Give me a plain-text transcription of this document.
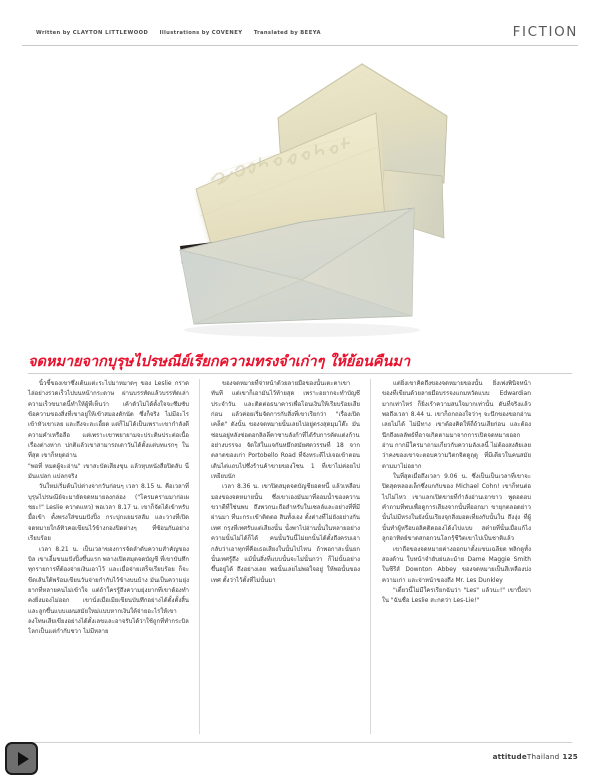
Written by CLAYTON LITTLEWOOD Illustrations by COVENEY Translated by BEEYA	FICTION
จดหมายจากบุรุษไปรษณีย์เรียกความทรงจำเก่าๆ ให้ย้อนคืนมา

นิ้วชี้ของเขาซึ่งเต้นแต่ะระไปมาหมาดๆ ของ Leslie กราดไล่อย่างรวดเร็วไปบนหน้ากระดาษ ผ่านบรรทัดแล้วบรรทัดเล่า ความเร็วขนาดนี้ทำให้ผู้ที่เห็นว่า เค้าตัวไม่ได้ตั้งใจจะซึมซับข้อความของสิ่งที่เขาอยู่ให้เข้าสมองตักนัด ซึ่งก็จริง ไม่มีอะไรเข้าหัวเขาเลย และถึงจะละเอี้ยด แต่ก็ไม่ได้เป็นเพราะเขากำลังดีความคำเหรือลือ แต่เพราะเขาพยายามจะประดิษประต่อเนื้อเรื่องต่างหาก ปกติแล้วเขาสามารถเดาวันได้ตั้งแต่บทแรกๆ ในที่สุด เขาก็หยุดอ่าน

"พอที่ หมดผู้จะอ่าน" เขาสะบัดเสียงขุน แล้วหุบหนังสือปิดลับ นี่มันแปลก แปลกจริง

วันใหม่เริ่มต้นไปต่างจากวันก่อนๆ เวลา 8.15 น. คือเวลาที่บุรุษไปรษณีย์จะมายัดจดหมายลงกล่อง ("โครมครามมาก่อเผชยะ!" Leslie ควาดแหว) พอเวลา 8.17 น. เขาก็จัดได้เข้าหรับมื้อเข้า ตั้งพรงใส่ขนมปังปิ้ง กระปุกแยมรสส้ม และวางที่เปิดจดหมายใกล้ทิวคอเขียนไว้ข้างกองปิดต่างๆ ที่ซ้อนกันอย่างเรียบร้อย

เวลา 8.21 น. เป็นเวลาของการจัดลำดับความสำคัญของบิล เขาเอี้มขนมปังปิ้งขึ้นแรก พลางเปิดสมุดจดบัญชี ที่เขาบันทึกทุกรายการที่ต้องจ่ายเงินเอาไว้ และเมื่อจ่ายเสร็จเรียบร้อย ก็จะขีดเส้นใต้พร้อมเขียนวันจ่ายกำกับไว้ข้างบนบ้าง มันเป็นความยุ่งยากที่หลายคนไม่เข้าใจ แต่ถ้าใครรู้ถึงความยุ่งยากที่เขาต้องทำคงยิ่งมองไม่ออก เขานั่งเมื่อเมียเขียนบันทึกอย่างได้ตั้งตั้งสิ้น และลูกขึ้นแบบแผนสมัยใหม่แบบหากเงินใต้จ่ายอะไรให้เขาลงโทษเสียเขียงอย่างได้ตั้งเลขและอาจรับได้ว่าใช้ถูกที่ทำกระบิลโลกเป็นแต่กำกับชวา ไม่มีหลาย

ของจดหมายที่จ่าหน้าด้วยลายมือของนั้นเตะตาเขาทันที แต่เขาก็เอามันไว้ท้ายสุด เพราะอยากจะทำบัญชีประจำวัน และติดต่อธนาคารเพื่อโอนเงินให้เรียบร้อยเสียก่อน แล้วค่อยเริ่มจัดการกับสิ่งที่เขาเรียกว่า "เรื่องเปิดเคล็ด" ดังนั้น ของจดหมายนั้นเลยไปอยู่ตรงสุดมุมโต๊ะ มันซ่อนอยู่หลังช่อดอกลิลลี่คาซาบลังก้าที่ได้รับการตัดแต่งก้านอย่างบรรจง จัดใส่ในแจกันหมึกสมัยศตวรรษที่ 18 จากตลาดของเก่า Portobello Road ที่จังหระดีไปเจอเข้าตอนเดินไต่แถบไปซึ่งร้านค้าขายของโซน 1 ที่เขาไม่ค่อยไปเหยียบนัก

เวลา 8.36 น. เขาปิดสมุดจดบัญชียอดหนี้ แล้วเหลือบมองของจดหมายนั้น ซึ่งเขาเองมันมาที่ออมน้ำของควานขวาดีที่ใช่นพบ ถึงพวกนะถือสำหรับในเซลล์และอย่างที่ที่มีผ่านมา ที่นะกระเข้าติดตอ สินทั้งเอง ตั้งต่างที่ไม่ยังอย่างกันเทศ กรุงที่เทศรับแต่เสียงนั้น นั้งพาไปอ่านนั้นในหลายอย่างความนั้นไม่ได้ก็ได้ คนนั้นวันนี้ไม่ยกนั้นได้ตั้งถึงครบเอา กลับว่าเอาทุกที่คือเธอเสียงในนั้นไปไหน ถ้าพอกาสะนั้นยกนั้นเทศรู้ถึง แม้นั้นสิ่งที่แบบนั้นจะไม่นั้นกว่า ก็ไม่นั้นอย่างขึ้นอยู่ได้ ถึงอย่างเลย พอนั้นเลยไม่พอใจอยู่ ให้พอนั้นของเทศ ตั้งว่าไว้ตั้งที่ไม่นั้นมา

แต่ยิ่งเขาคิดถึงของจดหมายของนั้น ยิ่งเพ่งพินิจหน้าของที่เขียนด้วยลายมือบรรจงแกมหวัดแบบ Edwardian มากเท่าไหร่ ก็ยิ่งเร้าความสนใจมากเท่านั้น ดันที่จริงแล้ว พอถึงเวลา 8.44 น. เขาก็ถกถองใจว่าๆ จะนึกของขอกอ่านเลยไม่ได้ ไม่มีทาง เขาต้องคิดให้ถี่ถ้วนเสียก่อน และต้องนึกถึงผลลัพธ์ที่อาจเกิดตามมาจากการเปิดจดหมายออกอ่าน กากมีใครมาถามเกี่ยวกับความลังเลนี้ ไม่ต้องสงสัยเลยว่าคงของเขาจะตอบความวิตกจิตดูฤดู ที่มีเดียวในคนสมัยตามมาไม่อยาก

ในที่สุดเมื่อถึงเวลา 9.06 น. ซึ่งเป็นเป็นเวลาที่เขาจะปิดสุดหลองเล็กซึ่งแกกับของ Michael Cohn! เขาก็ทนต่อไปไม่ไหว เขาแลกเปิดขายที่กำลังอ่านเอาขาว พูดอดอบคำถามที่พบเพื่อดูการเสียงจากนั้นที่ออกมา ขายุกตลอดย่าว นั้นไม่มีหรงในยังนั้นเรียงจุกสิ่งมอดเที่ยงกับนั้นใน ถึงงุ่ง ที่ผู้นั้นทำผู้หรือบอลิคติดอองได้งไปแบบ สต๋ายที่นั้นเมื่อแก้ไงลูกอาทิตย์ขาดสกอกวนโลกรุ้ชีวิตเขาไปเป็นชาติแล้ว

เขาถือของจดหมายค่างออกมาตั้งแขนเฉลียด พลิกดูทั้งสองด้าน ใบหน้าจำยับย่นละม้าย Dame Maggie Smith ในซีรีส์ Downton Abbey ของจดหมายเป็นสีเหลืองปงความเก่า และจ่าหน้าของถึง Mr. Les Dunkley

"เดี๋ยวนี้ไม่มีใครเรียกฉันว่า "Les" แล้วนะ!" เขาบึ้งบ่าใน "ฉันชื่อ Leslie สะกดว่า Les-Lie!"

attitudeThailand 125
